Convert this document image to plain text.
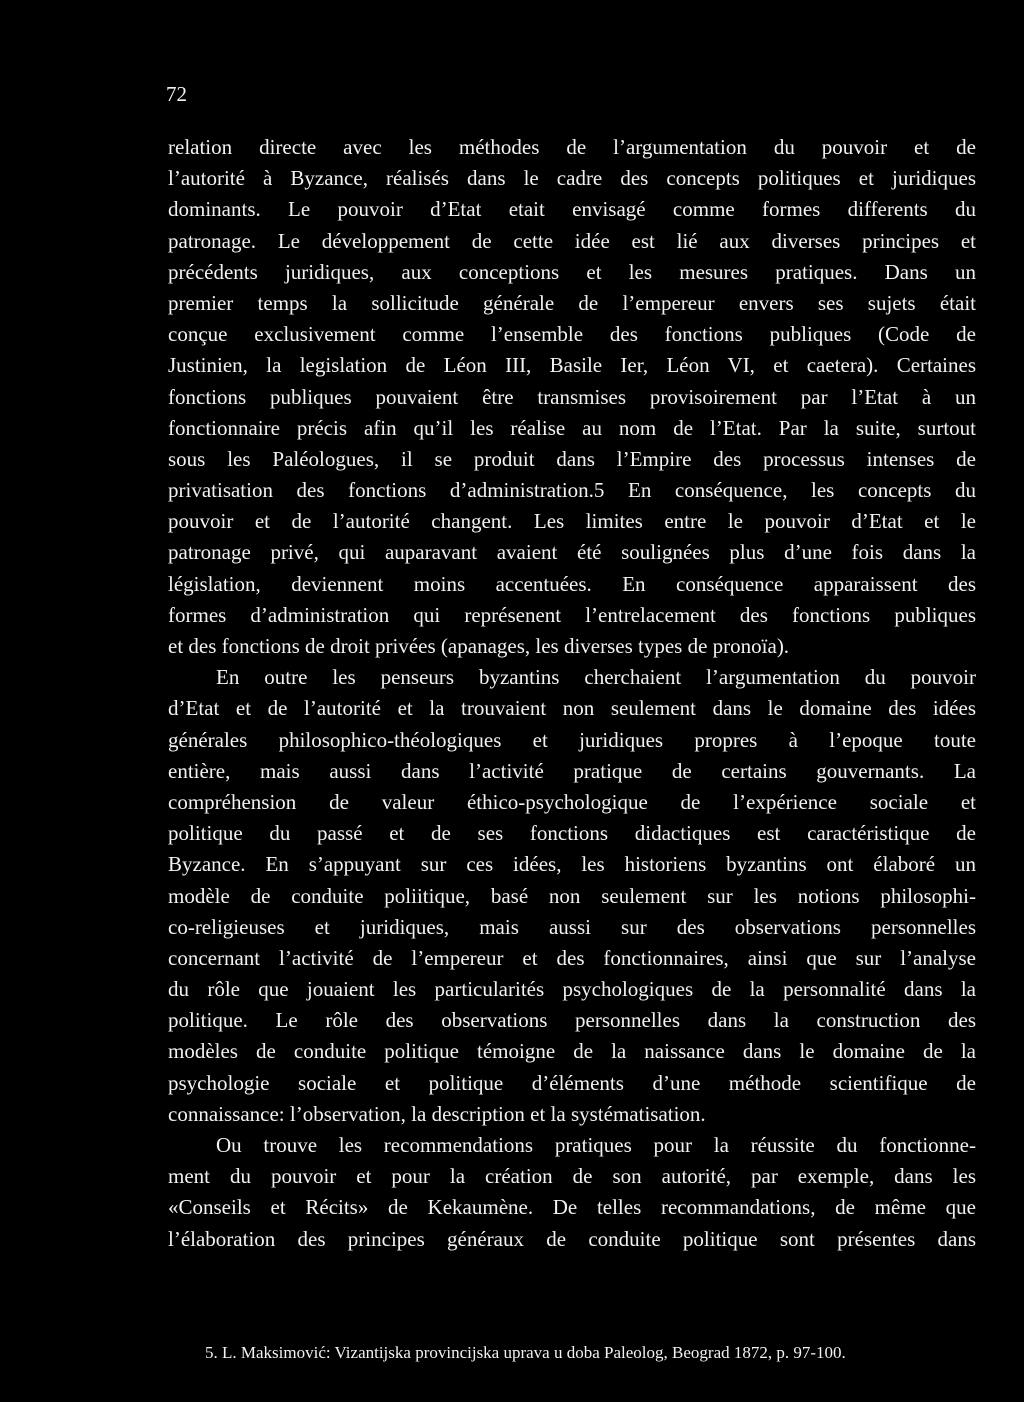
72
relation directe avec les méthodes de l’argumentation du pouvoir et de
l’autorité à Byzance, réalisés dans le cadre des concepts politiques et juridiques
dominants. Le pouvoir d’Etat etait envisagé comme formes differents du
patronage. Le développement de cette idée est lié aux diverses principes et
précédents juridiques, aux conceptions et les mesures pratiques. Dans un
premier temps la sollicitude générale de l’empereur envers ses sujets était
conçue exclusivement comme l’ensemble des fonctions publiques (Code de
Justinien, la legislation de Léon III, Basile Ier, Léon VI, et caetera). Certaines
fonctions publiques pouvaient être transmises provisoirement par l’Etat à un
fonctionnaire précis afin qu’il les réalise au nom de l’Etat. Par la suite, surtout
sous les Paléologues, il se produit dans l’Empire des processus intenses de
privatisation des fonctions d’administration.5 En conséquence, les concepts du
pouvoir et de l’autorité changent. Les limites entre le pouvoir d’Etat et le
patronage privé, qui auparavant avaient été soulignées plus d’une fois dans la
législation, deviennent moins accentuées. En conséquence apparaissent des
formes d’administration qui représenent l’entrelacement des fonctions publiques
et des fonctions de droit privées (apanages, les diverses types de pronoïa).
En outre les penseurs byzantins cherchaient l’argumentation du pouvoir
d’Etat et de l’autorité et la trouvaient non seulement dans le domaine des idées
générales philosophico-théologiques et juridiques propres à l’epoque toute
entière, mais aussi dans l’activité pratique de certains gouvernants. La
compréhension de valeur éthico-psychologique de l’expérience sociale et
politique du passé et de ses fonctions didactiques est caractéristique de
Byzance. En s’appuyant sur ces idées, les historiens byzantins ont élaboré un
modèle de conduite poliitique, basé non seulement sur les notions philosophi-
co-religieuses et juridiques, mais aussi sur des observations personnelles
concernant l’activité de l’empereur et des fonctionnaires, ainsi que sur l’analyse
du rôle que jouaient les particularités psychologiques de la personnalité dans la
politique. Le rôle des observations personnelles dans la construction des
modèles de conduite politique témoigne de la naissance dans le domaine de la
psychologie sociale et politique d’éléments d’une méthode scientifique de
connaissance: l’observation, la description et la systématisation.
Ou trouve les recommendations pratiques pour la réussite du fonctionne-
ment du pouvoir et pour la création de son autorité, par exemple, dans les
«Conseils et Récits» de Kekaumène. De telles recommandations, de même que
l’élaboration des principes généraux de conduite politique sont présentes dans
5. L. Maksimović: Vizantijska provincijska uprava u doba Paleolog, Beograd 1872, p. 97-100.
